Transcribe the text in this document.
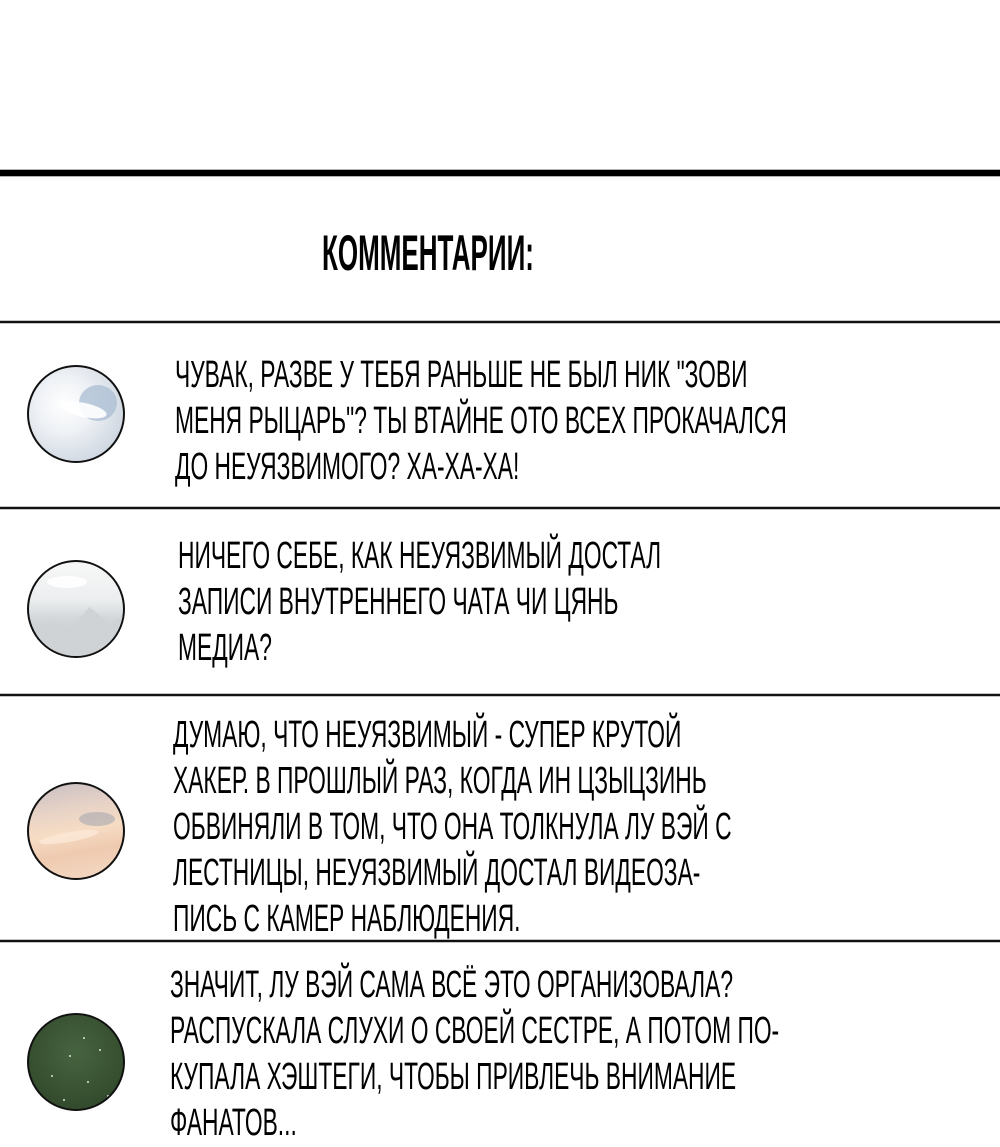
КОММЕНТАРИИ:
ЧУВАК, РАЗВЕ У ТЕБЯ РАНЬШЕ НЕ БЫЛ НИК "ЗОВИ
МЕНЯ РЫЦАРЬ"? ТЫ ВТАЙНЕ ОТО ВСЕХ ПРОКАЧАЛСЯ
ДО НЕУЯЗВИМОГО? ХА-ХА-ХА!
НИЧЕГО СЕБЕ, КАК НЕУЯЗВИМЫЙ ДОСТАЛ
ЗАПИСИ ВНУТРЕННЕГО ЧАТА ЧИ ЦЯНЬ
МЕДИА?
ДУМАЮ, ЧТО НЕУЯЗВИМЫЙ - СУПЕР КРУТОЙ
ХАКЕР. В ПРОШЛЫЙ РАЗ, КОГДА ИН ЦЗЫЦЗИНЬ
ОБВИНЯЛИ В ТОМ, ЧТО ОНА ТОЛКНУЛА ЛУ ВЭЙ С
ЛЕСТНИЦЫ, НЕУЯЗВИМЫЙ ДОСТАЛ ВИДЕОЗА-
ПИСЬ С КАМЕР НАБЛЮДЕНИЯ.
ЗНАЧИТ, ЛУ ВЭЙ САМА ВСЁ ЭТО ОРГАНИЗОВАЛА?
РАСПУСКАЛА СЛУХИ О СВОЕЙ СЕСТРЕ, А ПОТОМ ПО-
КУПАЛА ХЭШТЕГИ, ЧТОБЫ ПРИВЛЕЧЬ ВНИМАНИЕ
ФАНАТОВ...
